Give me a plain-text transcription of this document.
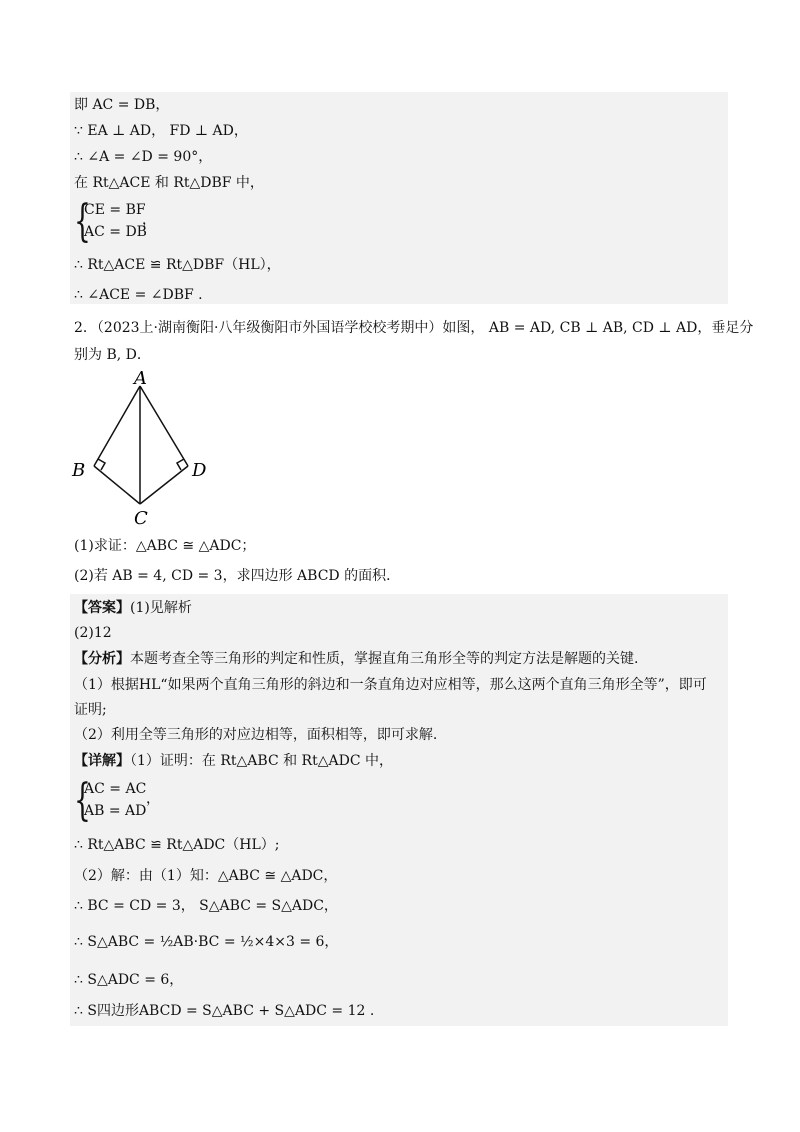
即 AC = DB，
∵ EA ⊥ AD， FD ⊥ AD，
∴ ∠A = ∠D = 90°，
在 Rt△ACE 和 Rt△DBF 中，
{
CE = BF
AC = DB
，
∴ Rt△ACE ≌ Rt△DBF（HL），
∴ ∠ACE = ∠DBF .
2．（2023上·湖南衡阳·八年级衡阳市外国语学校校考期中）如图， AB = AD, CB ⊥ AB, CD ⊥ AD，垂足分
别为 B, D．
A
B	D
C
(1)求证：△ABC ≅ △ADC；
(2)若 AB = 4, CD = 3，求四边形 ABCD 的面积．
【答案】(1)见解析
(2)12
【分析】本题考查全等三角形的判定和性质，掌握直角三角形全等的判定方法是解题的关键.
（1）根据HL“如果两个直角三角形的斜边和一条直角边对应相等，那么这两个直角三角形全等”，即可
证明;
（2）利用全等三角形的对应边相等，面积相等，即可求解.
【详解】（1）证明：在 Rt△ABC 和 Rt△ADC 中，
{
AC = AC
AB = AD
，
∴ Rt△ABC ≌ Rt△ADC（HL）;
（2）解：由（1）知：△ABC ≅ △ADC，
∴ BC = CD = 3， S△ABC = S△ADC，
∴ S△ABC = ½AB·BC = ½×4×3 = 6，
∴ S△ADC = 6，
∴ S四边形ABCD = S△ABC + S△ADC = 12 .
